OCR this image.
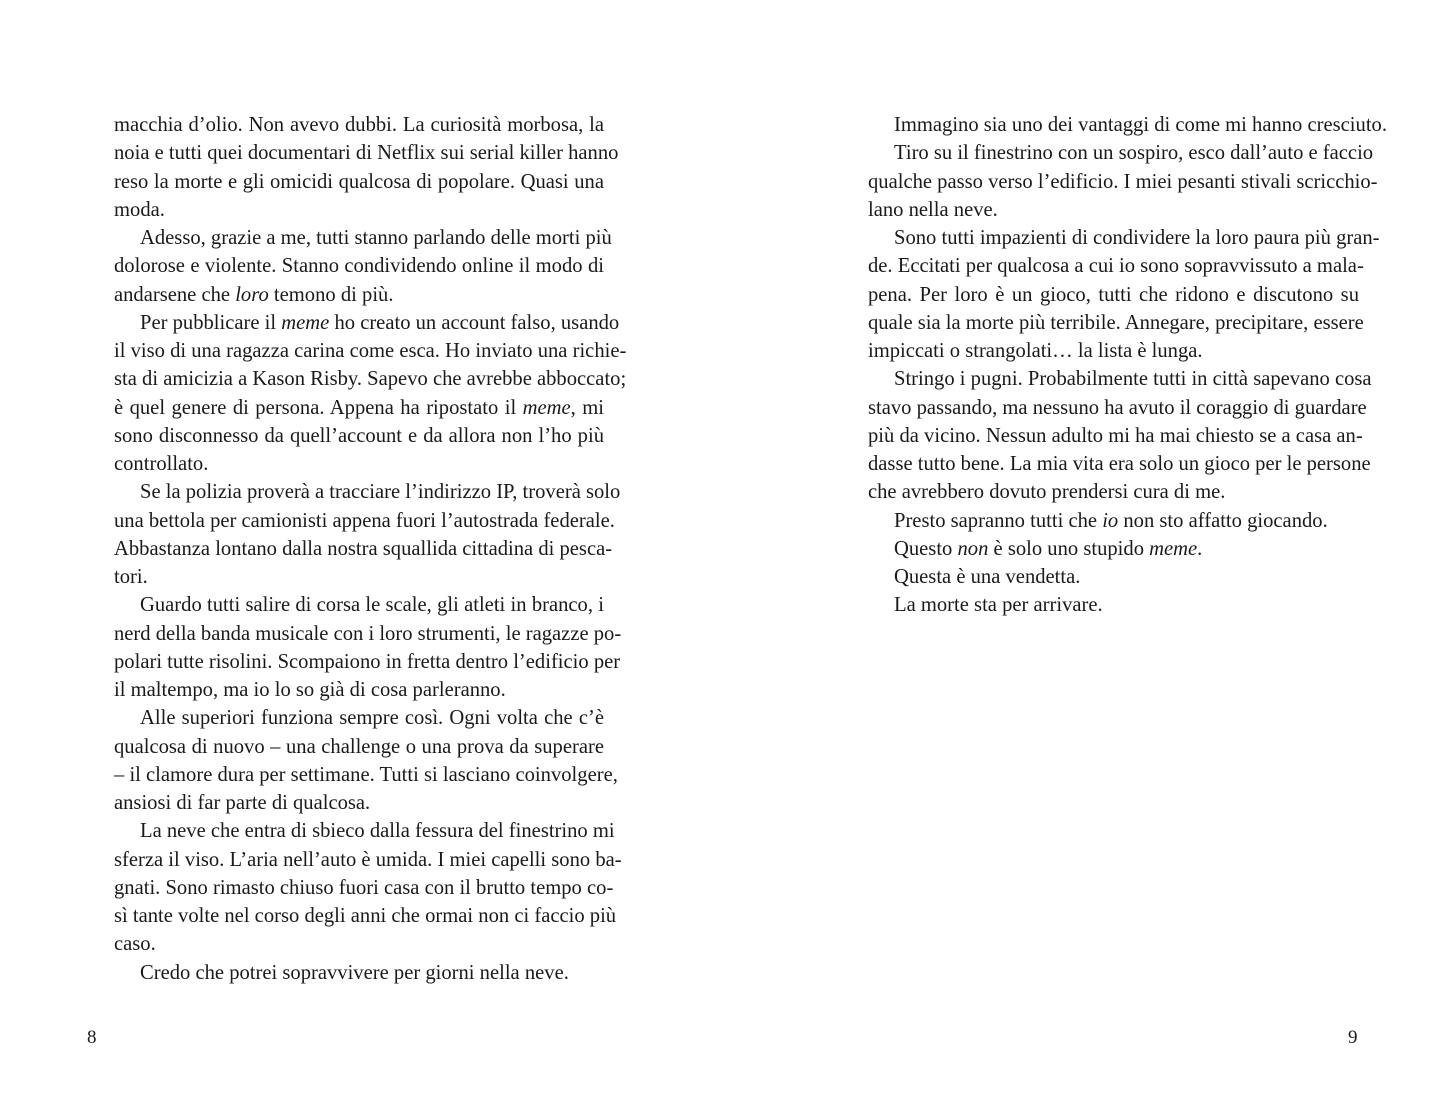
macchia d’olio. Non avevo dubbi. La curiosità morbosa, la
noia e tutti quei documentari di Netflix sui serial killer hanno
reso la morte e gli omicidi qualcosa di popolare. Quasi una
moda.
Adesso, grazie a me, tutti stanno parlando delle morti più
dolorose e violente. Stanno condividendo online il modo di
andarsene che loro temono di più.
Per pubblicare il meme ho creato un account falso, usando
il viso di una ragazza carina come esca. Ho inviato una richie-
sta di amicizia a Kason Risby. Sapevo che avrebbe abboccato;
è quel genere di persona. Appena ha ripostato il meme, mi
sono disconnesso da quell’account e da allora non l’ho più
controllato.
Se la polizia proverà a tracciare l’indirizzo IP, troverà solo
una bettola per camionisti appena fuori l’autostrada federale.
Abbastanza lontano dalla nostra squallida cittadina di pesca-
tori.
Guardo tutti salire di corsa le scale, gli atleti in branco, i
nerd della banda musicale con i loro strumenti, le ragazze po-
polari tutte risolini. Scompaiono in fretta dentro l’edificio per
il maltempo, ma io lo so già di cosa parleranno.
Alle superiori funziona sempre così. Ogni volta che c’è
qualcosa di nuovo – una challenge o una prova da superare
– il clamore dura per settimane. Tutti si lasciano coinvolgere,
ansiosi di far parte di qualcosa.
La neve che entra di sbieco dalla fessura del finestrino mi
sferza il viso. L’aria nell’auto è umida. I miei capelli sono ba-
gnati. Sono rimasto chiuso fuori casa con il brutto tempo co-
sì tante volte nel corso degli anni che ormai non ci faccio più
caso.
Credo che potrei sopravvivere per giorni nella neve.
8
Immagino sia uno dei vantaggi di come mi hanno cresciuto.
Tiro su il finestrino con un sospiro, esco dall’auto e faccio
qualche passo verso l’edificio. I miei pesanti stivali scricchio-
lano nella neve.
Sono tutti impazienti di condividere la loro paura più gran-
de. Eccitati per qualcosa a cui io sono sopravvissuto a mala-
pena. Per loro è un gioco, tutti che ridono e discutono su
quale sia la morte più terribile. Annegare, precipitare, essere
impiccati o strangolati… la lista è lunga.
Stringo i pugni. Probabilmente tutti in città sapevano cosa
stavo passando, ma nessuno ha avuto il coraggio di guardare
più da vicino. Nessun adulto mi ha mai chiesto se a casa an-
dasse tutto bene. La mia vita era solo un gioco per le persone
che avrebbero dovuto prendersi cura di me.
Presto sapranno tutti che io non sto affatto giocando.
Questo non è solo uno stupido meme.
Questa è una vendetta.
La morte sta per arrivare.
9
